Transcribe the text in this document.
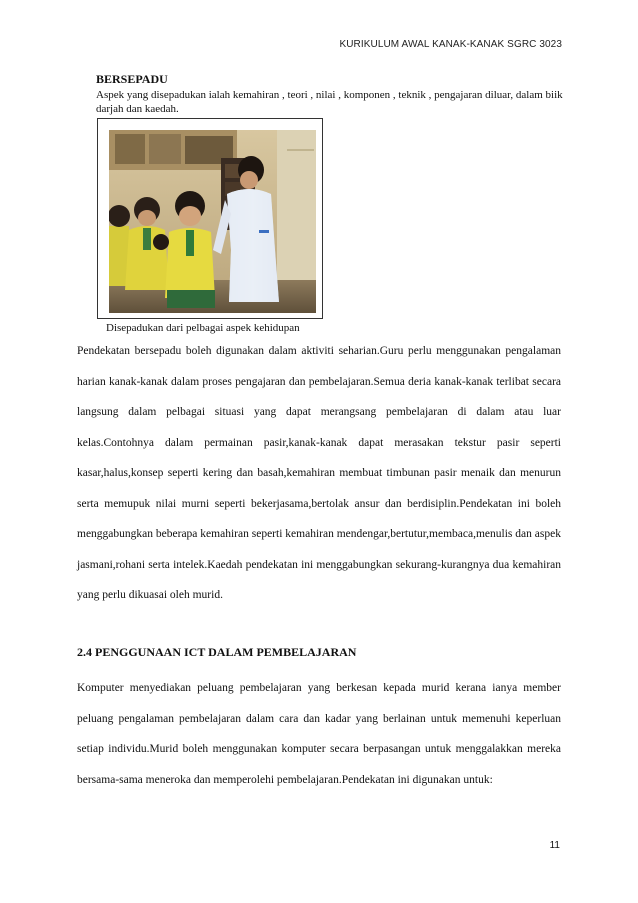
KURIKULUM AWAL KANAK-KANAK SGRC 3023
BERSEPADU
Aspek yang disepadukan ialah kemahiran , teori , nilai , komponen , teknik , pengajaran diluar, dalam biik darjah dan kaedah.
Disepadukan dari pelbagai aspek kehidupan

Pendekatan bersepadu boleh digunakan dalam aktiviti seharian.Guru perlu menggunakan pengalaman harian kanak-kanak dalam proses pengajaran dan pembelajaran.Semua deria kanak-kanak terlibat secara langsung dalam pelbagai situasi yang dapat merangsang pembelajaran di dalam atau luar kelas.Contohnya dalam permainan pasir,kanak-kanak dapat merasakan tekstur pasir seperti kasar,halus,konsep seperti kering dan basah,kemahiran membuat timbunan pasir menaik dan menurun serta memupuk nilai murni seperti bekerjasama,bertolak ansur dan berdisiplin.Pendekatan ini boleh menggabungkan beberapa kemahiran seperti kemahiran mendengar,bertutur,membaca,menulis dan aspek jasmani,rohani serta intelek.Kaedah pendekatan ini menggabungkan sekurang-kurangnya dua kemahiran yang perlu dikuasai oleh murid.

2.4 PENGGUNAAN ICT DALAM PEMBELAJARAN

Komputer menyediakan peluang pembelajaran yang berkesan kepada murid kerana ianya member peluang pengalaman pembelajaran dalam cara dan kadar yang berlainan untuk memenuhi keperluan setiap individu.Murid boleh menggunakan komputer secara berpasangan untuk menggalakkan mereka bersama-sama meneroka dan memperolehi pembelajaran.Pendekatan ini digunakan untuk:

11
